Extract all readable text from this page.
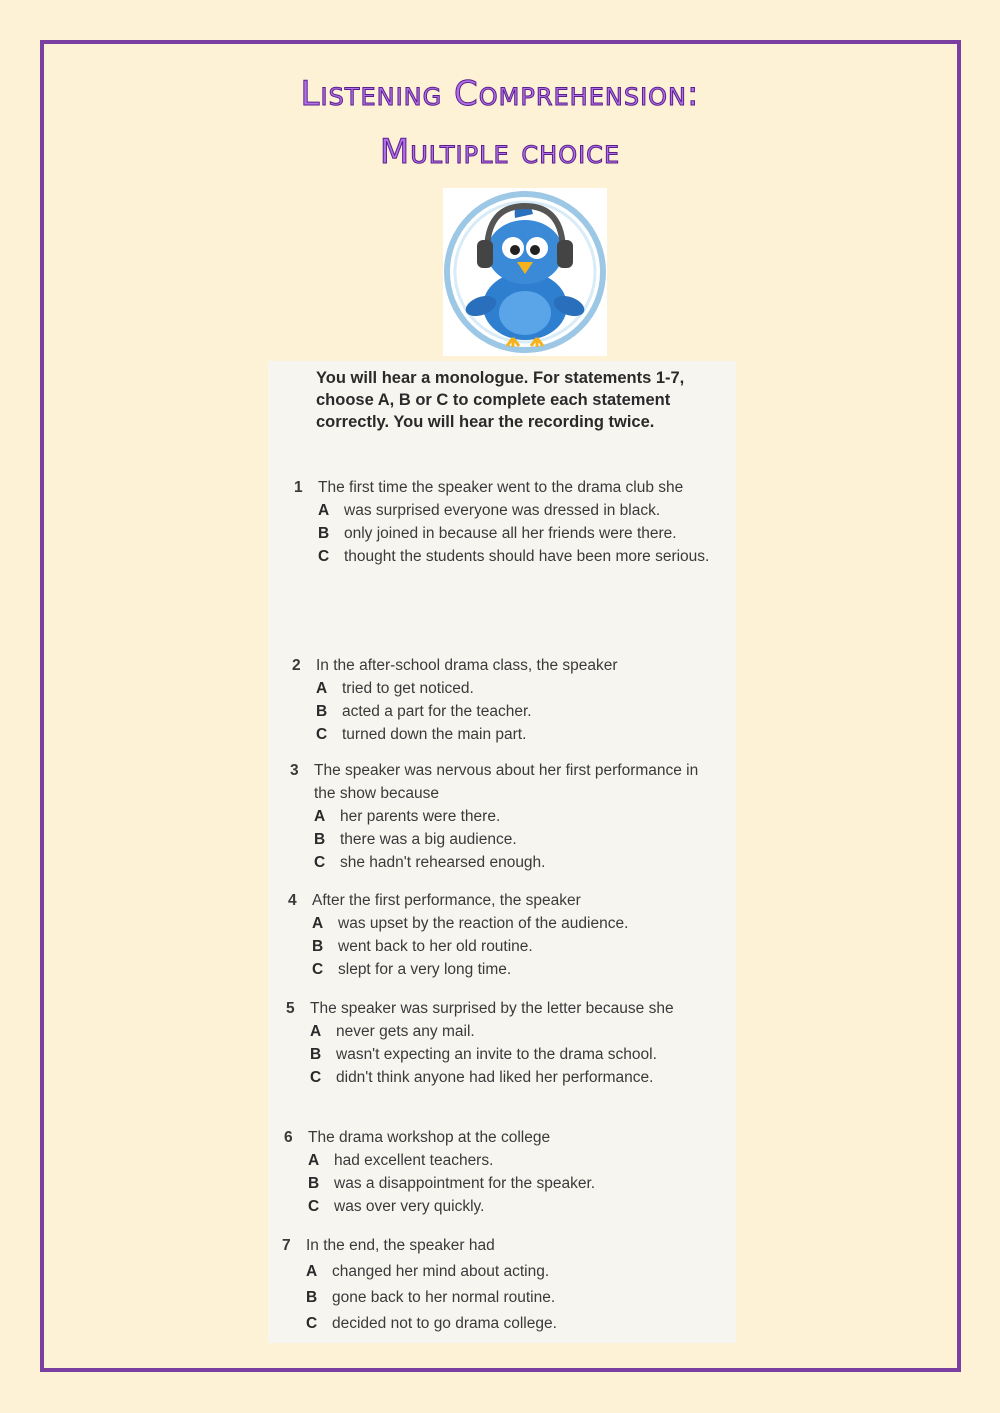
Listening Comprehension:
Multiple choice
You will hear a monologue. For statements 1-7, choose A, B or C to complete each statement correctly. You will hear the recording twice.
1 The first time the speaker went to the drama club she
A was surprised everyone was dressed in black.
B only joined in because all her friends were there.
C thought the students should have been more serious.
2 In the after-school drama class, the speaker
A tried to get noticed.
B acted a part for the teacher.
C turned down the main part.
3 The speaker was nervous about her first performance in the show because
A her parents were there.
B there was a big audience.
C she hadn't rehearsed enough.
4 After the first performance, the speaker
A was upset by the reaction of the audience.
B went back to her old routine.
C slept for a very long time.
5 The speaker was surprised by the letter because she
A never gets any mail.
B wasn't expecting an invite to the drama school.
C didn't think anyone had liked her performance.
6 The drama workshop at the college
A had excellent teachers.
B was a disappointment for the speaker.
C was over very quickly.
7 In the end, the speaker had
A changed her mind about acting.
B gone back to her normal routine.
C decided not to go drama college.
